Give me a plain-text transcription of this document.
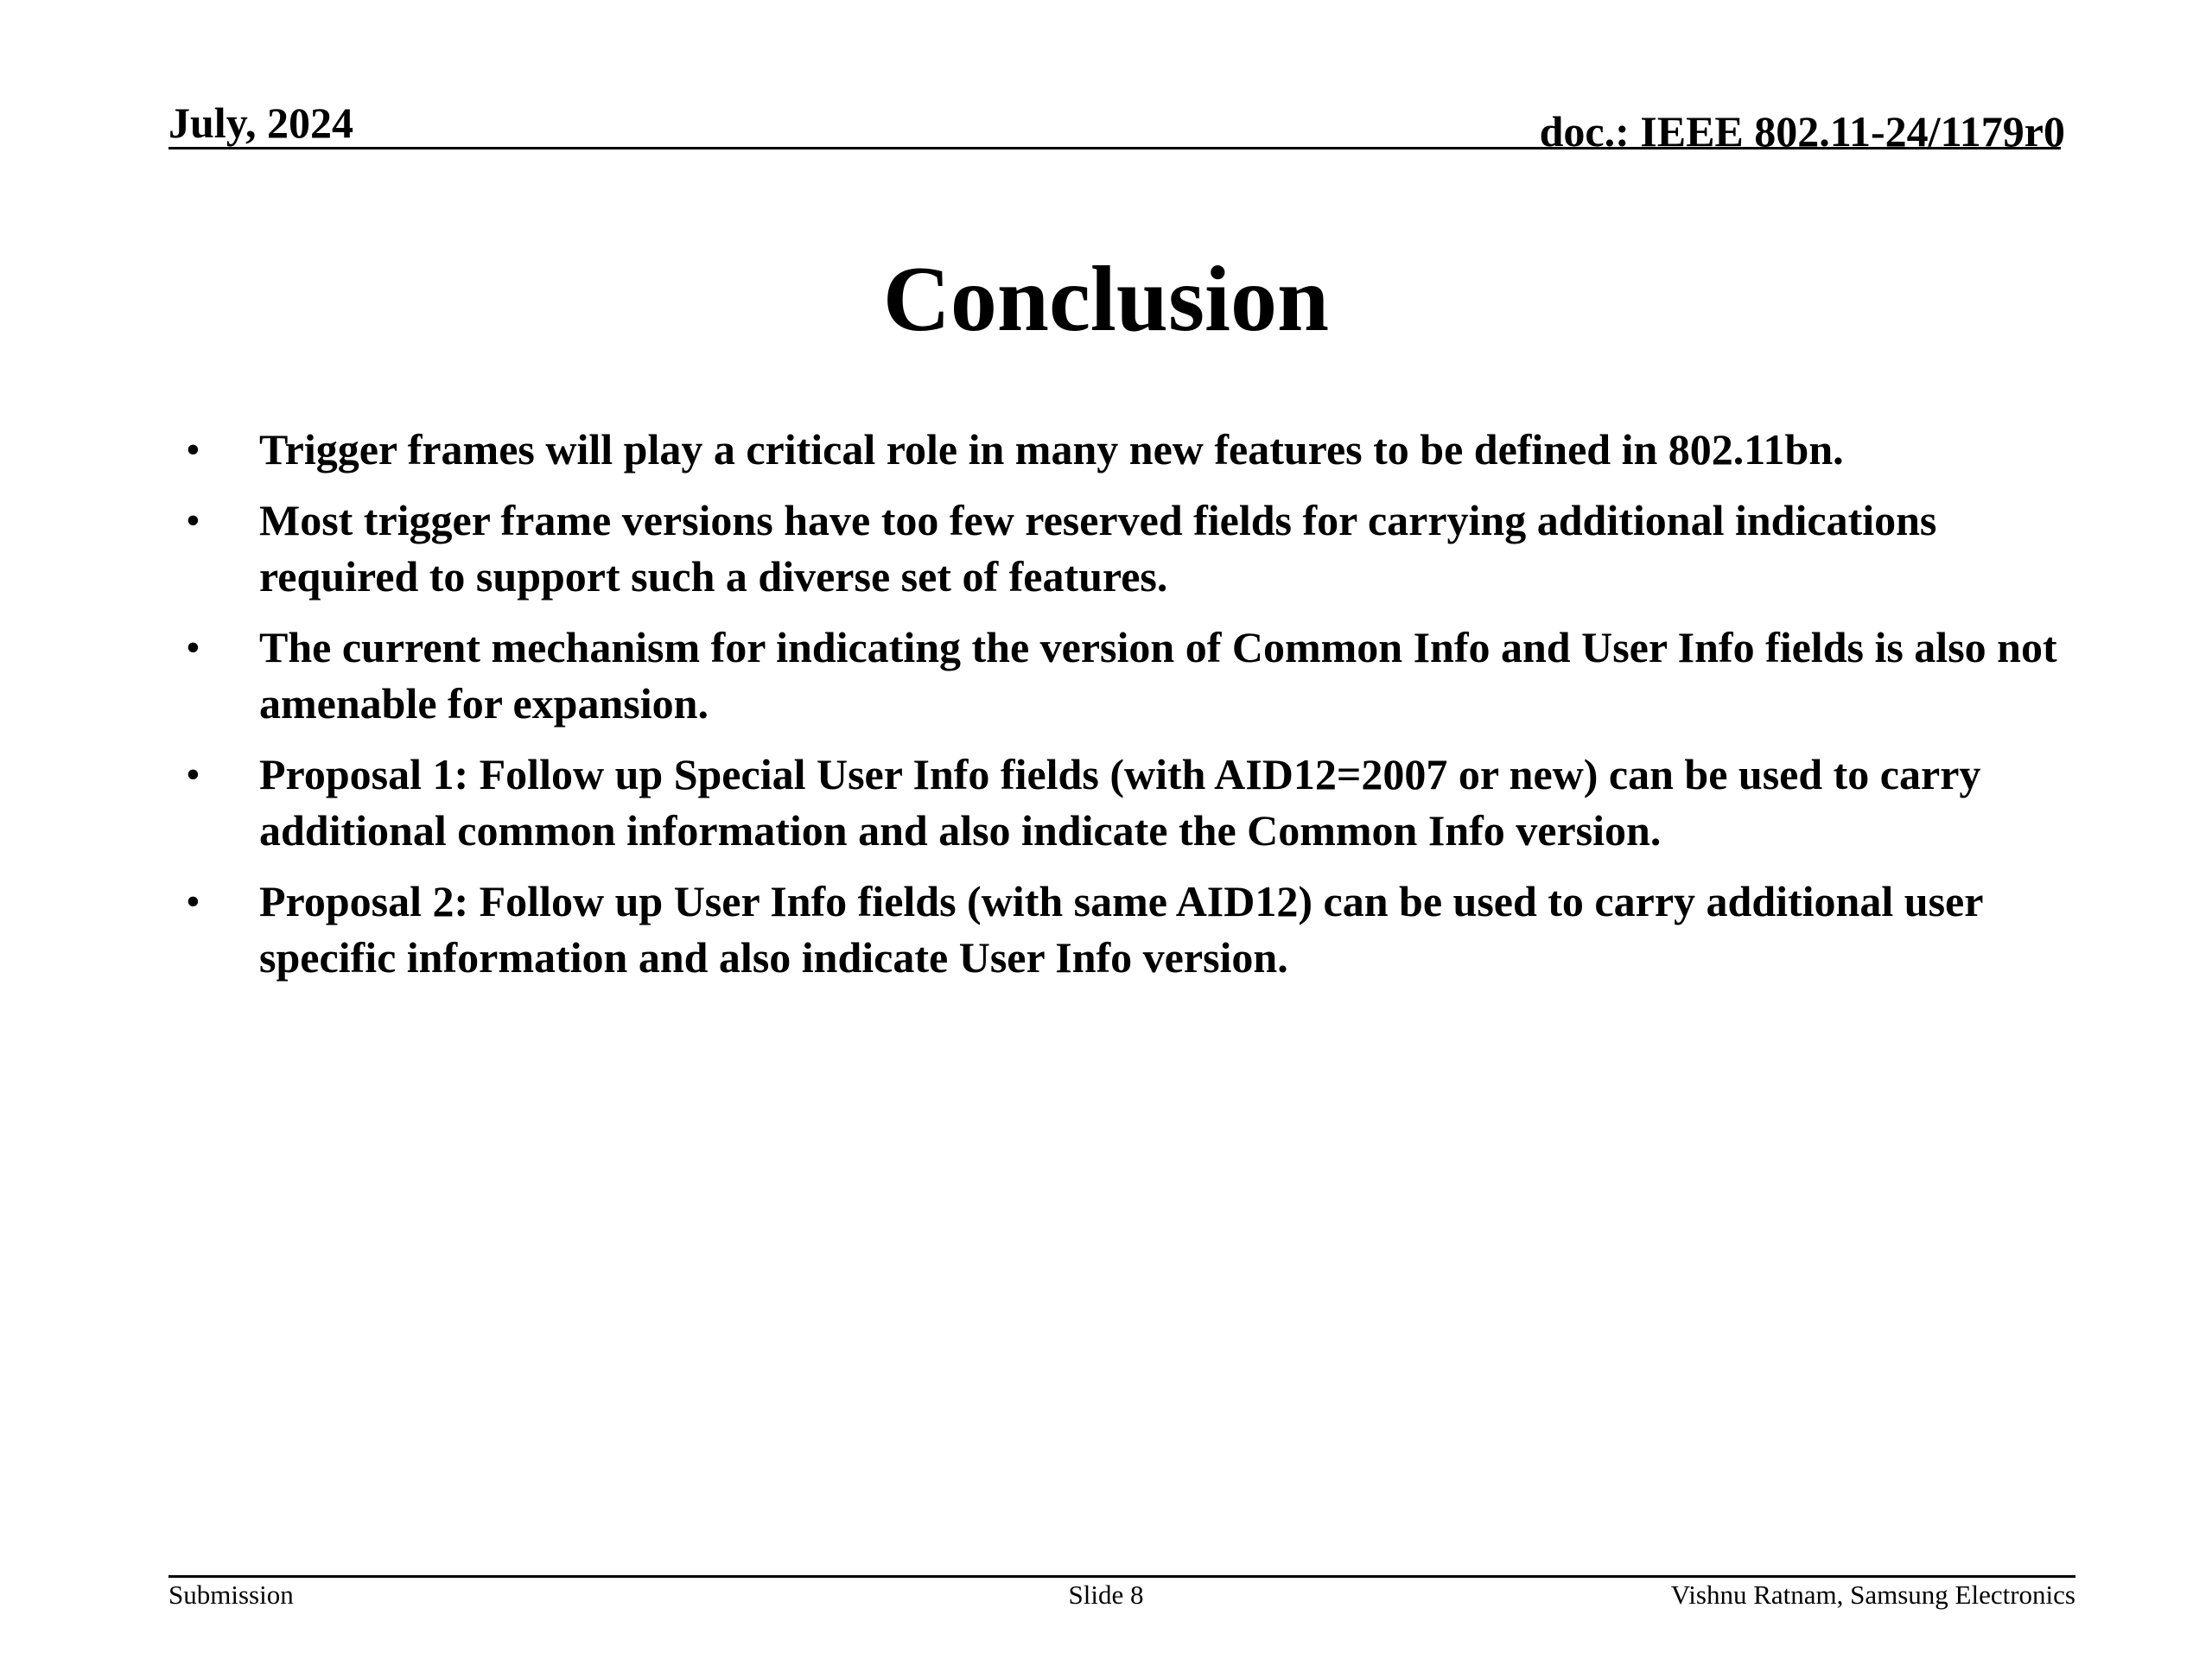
July, 2024	doc.: IEEE 802.11-24/1179r0
Conclusion
• Trigger frames will play a critical role in many new features to be defined in 802.11bn.
• Most trigger frame versions have too few reserved fields for carrying additional indications required to support such a diverse set of features.
• The current mechanism for indicating the version of Common Info and User Info fields is also not amenable for expansion.
• Proposal 1: Follow up Special User Info fields (with AID12=2007 or new) can be used to carry additional common information and also indicate the Common Info version.
• Proposal 2: Follow up User Info fields (with same AID12) can be used to carry additional user specific information and also indicate User Info version.
Submission	Slide 8	Vishnu Ratnam, Samsung Electronics
